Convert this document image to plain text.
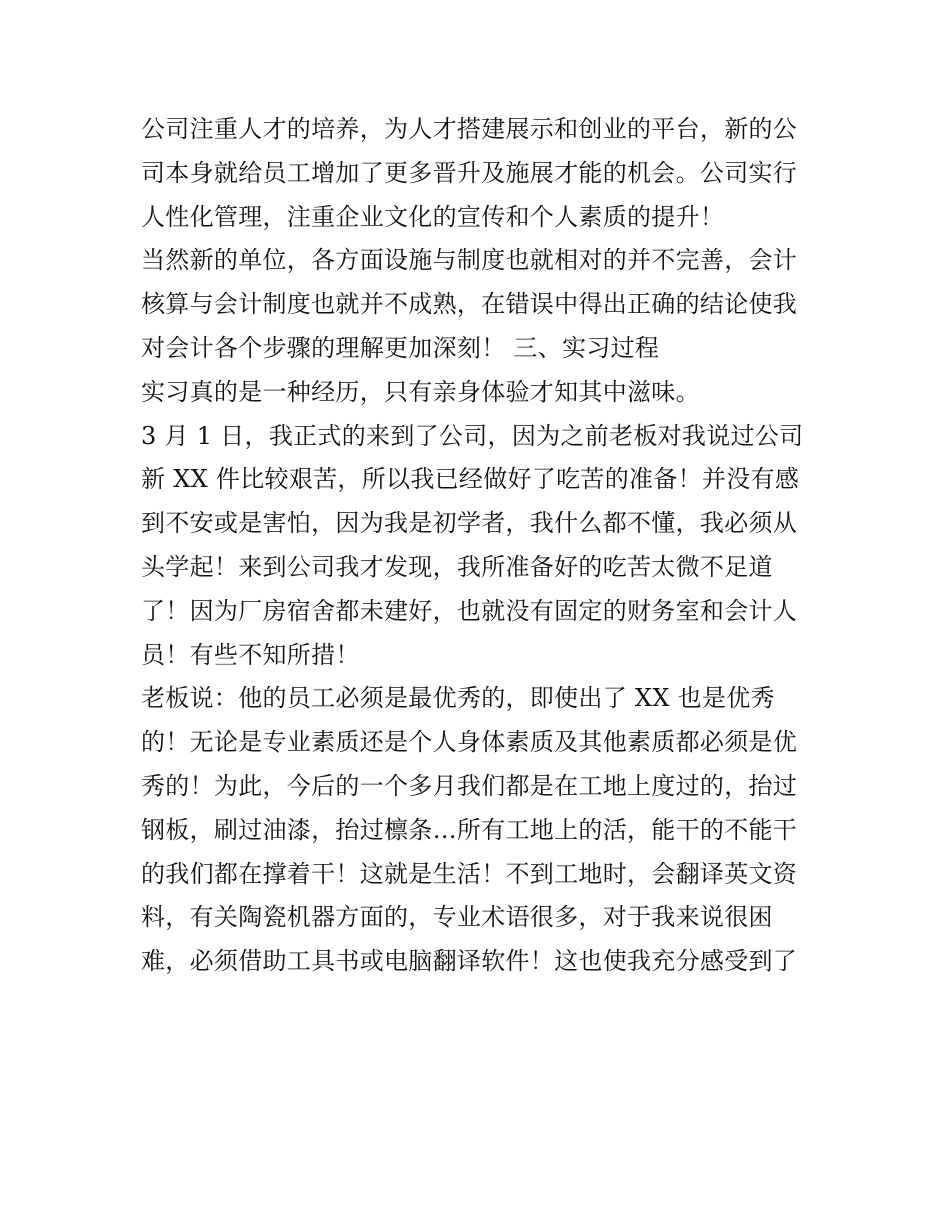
公司注重人才的培养，为人才搭建展示和创业的平台，新的公
司本身就给员工增加了更多晋升及施展才能的机会。公司实行
人性化管理，注重企业文化的宣传和个人素质的提升！
当然新的单位，各方面设施与制度也就相对的并不完善，会计
核算与会计制度也就并不成熟，在错误中得出正确的结论使我
对会计各个步骤的理解更加深刻！ 三、实习过程
实习真的是一种经历，只有亲身体验才知其中滋味。
3 月 1 日，我正式的来到了公司，因为之前老板对我说过公司
新 XX 件比较艰苦，所以我已经做好了吃苦的准备！并没有感
到不安或是害怕，因为我是初学者，我什么都不懂，我必须从
头学起！来到公司我才发现，我所准备好的吃苦太微不足道
了！因为厂房宿舍都未建好，也就没有固定的财务室和会计人
员！有些不知所措！
老板说：他的员工必须是最优秀的，即使出了 XX 也是优秀
的！无论是专业素质还是个人身体素质及其他素质都必须是优
秀的！为此，今后的一个多月我们都是在工地上度过的，抬过
钢板，刷过油漆，抬过檩条…所有工地上的活，能干的不能干
的我们都在撑着干！这就是生活！不到工地时，会翻译英文资
料，有关陶瓷机器方面的，专业术语很多，对于我来说很困
难，必须借助工具书或电脑翻译软件！这也使我充分感受到了
